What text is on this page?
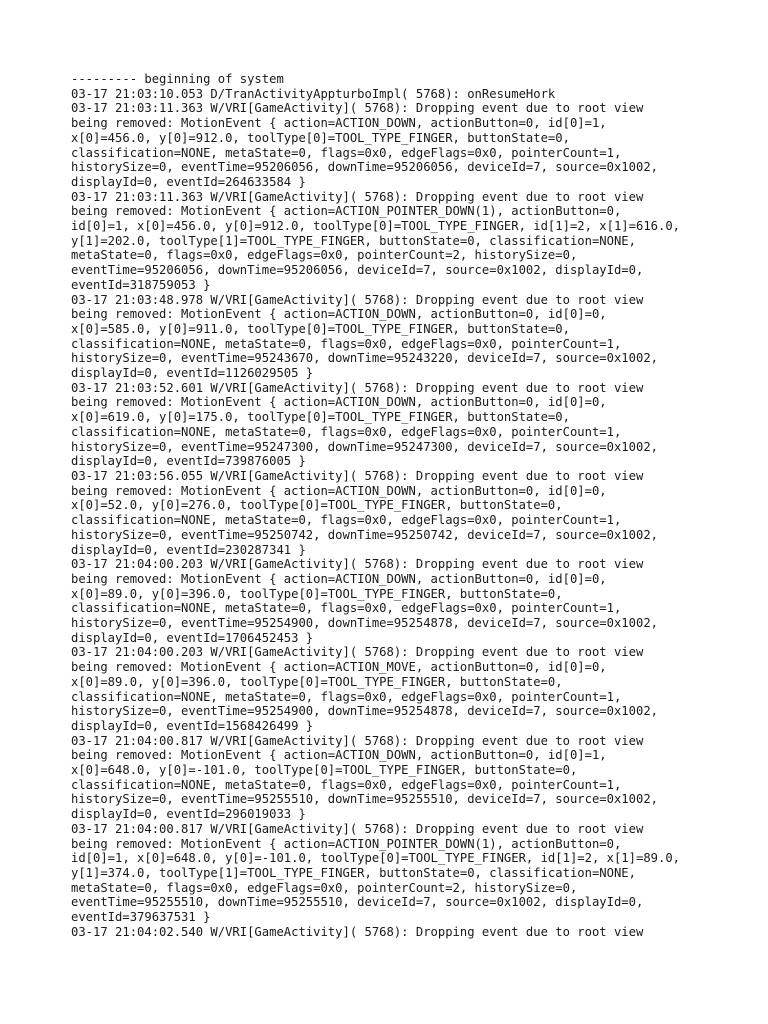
--------- beginning of system
03-17 21:03:10.053 D/TranActivityAppturboImpl( 5768): onResumeHork
03-17 21:03:11.363 W/VRI[GameActivity]( 5768): Dropping event due to root view
being removed: MotionEvent { action=ACTION_DOWN, actionButton=0, id[0]=1,
x[0]=456.0, y[0]=912.0, toolType[0]=TOOL_TYPE_FINGER, buttonState=0,
classification=NONE, metaState=0, flags=0x0, edgeFlags=0x0, pointerCount=1,
historySize=0, eventTime=95206056, downTime=95206056, deviceId=7, source=0x1002,
displayId=0, eventId=264633584 }
03-17 21:03:11.363 W/VRI[GameActivity]( 5768): Dropping event due to root view
being removed: MotionEvent { action=ACTION_POINTER_DOWN(1), actionButton=0,
id[0]=1, x[0]=456.0, y[0]=912.0, toolType[0]=TOOL_TYPE_FINGER, id[1]=2, x[1]=616.0,
y[1]=202.0, toolType[1]=TOOL_TYPE_FINGER, buttonState=0, classification=NONE,
metaState=0, flags=0x0, edgeFlags=0x0, pointerCount=2, historySize=0,
eventTime=95206056, downTime=95206056, deviceId=7, source=0x1002, displayId=0,
eventId=318759053 }
03-17 21:03:48.978 W/VRI[GameActivity]( 5768): Dropping event due to root view
being removed: MotionEvent { action=ACTION_DOWN, actionButton=0, id[0]=0,
x[0]=585.0, y[0]=911.0, toolType[0]=TOOL_TYPE_FINGER, buttonState=0,
classification=NONE, metaState=0, flags=0x0, edgeFlags=0x0, pointerCount=1,
historySize=0, eventTime=95243670, downTime=95243220, deviceId=7, source=0x1002,
displayId=0, eventId=1126029505 }
03-17 21:03:52.601 W/VRI[GameActivity]( 5768): Dropping event due to root view
being removed: MotionEvent { action=ACTION_DOWN, actionButton=0, id[0]=0,
x[0]=619.0, y[0]=175.0, toolType[0]=TOOL_TYPE_FINGER, buttonState=0,
classification=NONE, metaState=0, flags=0x0, edgeFlags=0x0, pointerCount=1,
historySize=0, eventTime=95247300, downTime=95247300, deviceId=7, source=0x1002,
displayId=0, eventId=739876005 }
03-17 21:03:56.055 W/VRI[GameActivity]( 5768): Dropping event due to root view
being removed: MotionEvent { action=ACTION_DOWN, actionButton=0, id[0]=0,
x[0]=52.0, y[0]=276.0, toolType[0]=TOOL_TYPE_FINGER, buttonState=0,
classification=NONE, metaState=0, flags=0x0, edgeFlags=0x0, pointerCount=1,
historySize=0, eventTime=95250742, downTime=95250742, deviceId=7, source=0x1002,
displayId=0, eventId=230287341 }
03-17 21:04:00.203 W/VRI[GameActivity]( 5768): Dropping event due to root view
being removed: MotionEvent { action=ACTION_DOWN, actionButton=0, id[0]=0,
x[0]=89.0, y[0]=396.0, toolType[0]=TOOL_TYPE_FINGER, buttonState=0,
classification=NONE, metaState=0, flags=0x0, edgeFlags=0x0, pointerCount=1,
historySize=0, eventTime=95254900, downTime=95254878, deviceId=7, source=0x1002,
displayId=0, eventId=1706452453 }
03-17 21:04:00.203 W/VRI[GameActivity]( 5768): Dropping event due to root view
being removed: MotionEvent { action=ACTION_MOVE, actionButton=0, id[0]=0,
x[0]=89.0, y[0]=396.0, toolType[0]=TOOL_TYPE_FINGER, buttonState=0,
classification=NONE, metaState=0, flags=0x0, edgeFlags=0x0, pointerCount=1,
historySize=0, eventTime=95254900, downTime=95254878, deviceId=7, source=0x1002,
displayId=0, eventId=1568426499 }
03-17 21:04:00.817 W/VRI[GameActivity]( 5768): Dropping event due to root view
being removed: MotionEvent { action=ACTION_DOWN, actionButton=0, id[0]=1,
x[0]=648.0, y[0]=-101.0, toolType[0]=TOOL_TYPE_FINGER, buttonState=0,
classification=NONE, metaState=0, flags=0x0, edgeFlags=0x0, pointerCount=1,
historySize=0, eventTime=95255510, downTime=95255510, deviceId=7, source=0x1002,
displayId=0, eventId=296019033 }
03-17 21:04:00.817 W/VRI[GameActivity]( 5768): Dropping event due to root view
being removed: MotionEvent { action=ACTION_POINTER_DOWN(1), actionButton=0,
id[0]=1, x[0]=648.0, y[0]=-101.0, toolType[0]=TOOL_TYPE_FINGER, id[1]=2, x[1]=89.0,
y[1]=374.0, toolType[1]=TOOL_TYPE_FINGER, buttonState=0, classification=NONE,
metaState=0, flags=0x0, edgeFlags=0x0, pointerCount=2, historySize=0,
eventTime=95255510, downTime=95255510, deviceId=7, source=0x1002, displayId=0,
eventId=379637531 }
03-17 21:04:02.540 W/VRI[GameActivity]( 5768): Dropping event due to root view
